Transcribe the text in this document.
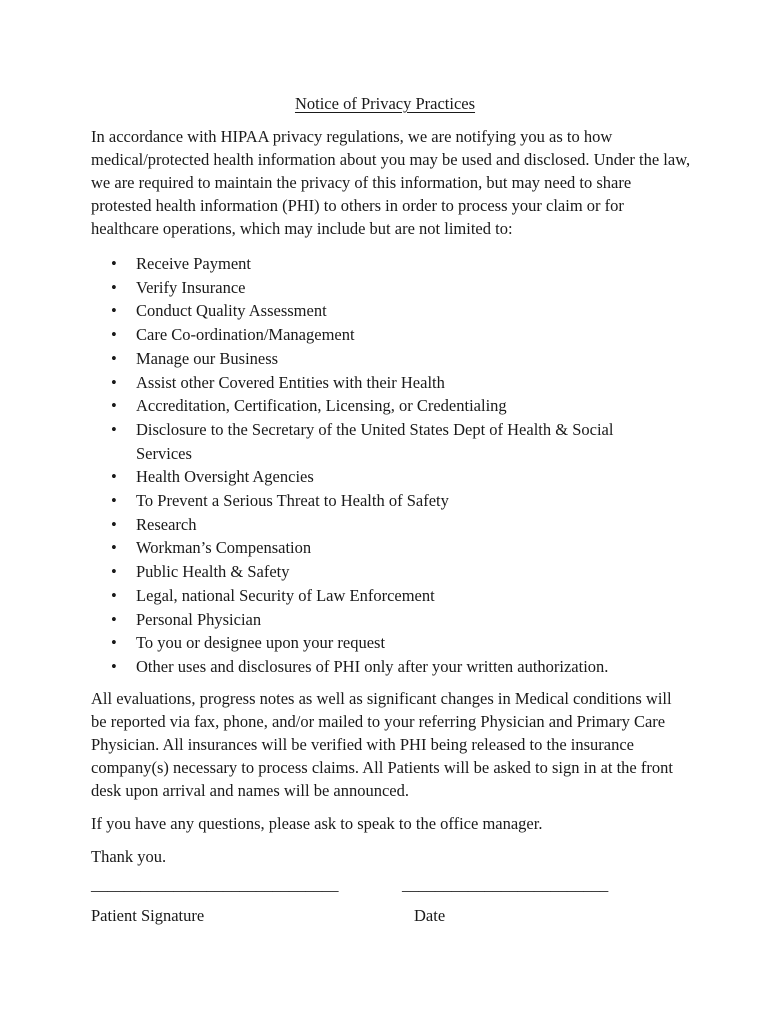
Notice of Privacy Practices

In accordance with HIPAA privacy regulations, we are notifying you as to how medical/protected health information about you may be used and disclosed. Under the law, we are required to maintain the privacy of this information, but may need to share protested health information (PHI) to others in order to process your claim or for healthcare operations, which may include but are not limited to:

• Receive Payment
• Verify Insurance
• Conduct Quality Assessment
• Care Co-ordination/Management
• Manage our Business
• Assist other Covered Entities with their Health
• Accreditation, Certification, Licensing, or Credentialing
• Disclosure to the Secretary of the United States Dept of Health & Social Services
• Health Oversight Agencies
• To Prevent a Serious Threat to Health of Safety
• Research
• Workman’s Compensation
• Public Health & Safety
• Legal, national Security of Law Enforcement
• Personal Physician
• To you or designee upon your request
• Other uses and disclosures of PHI only after your written authorization.

All evaluations, progress notes as well as significant changes in Medical conditions will be reported via fax, phone, and/or mailed to your referring Physician and Primary Care Physician. All insurances will be verified with PHI being released to the insurance company(s) necessary to process claims. All Patients will be asked to sign in at the front desk upon arrival and names will be announced.

If you have any questions, please ask to speak to the office manager.

Thank you.

______________________________	_________________________
Patient Signature	Date
